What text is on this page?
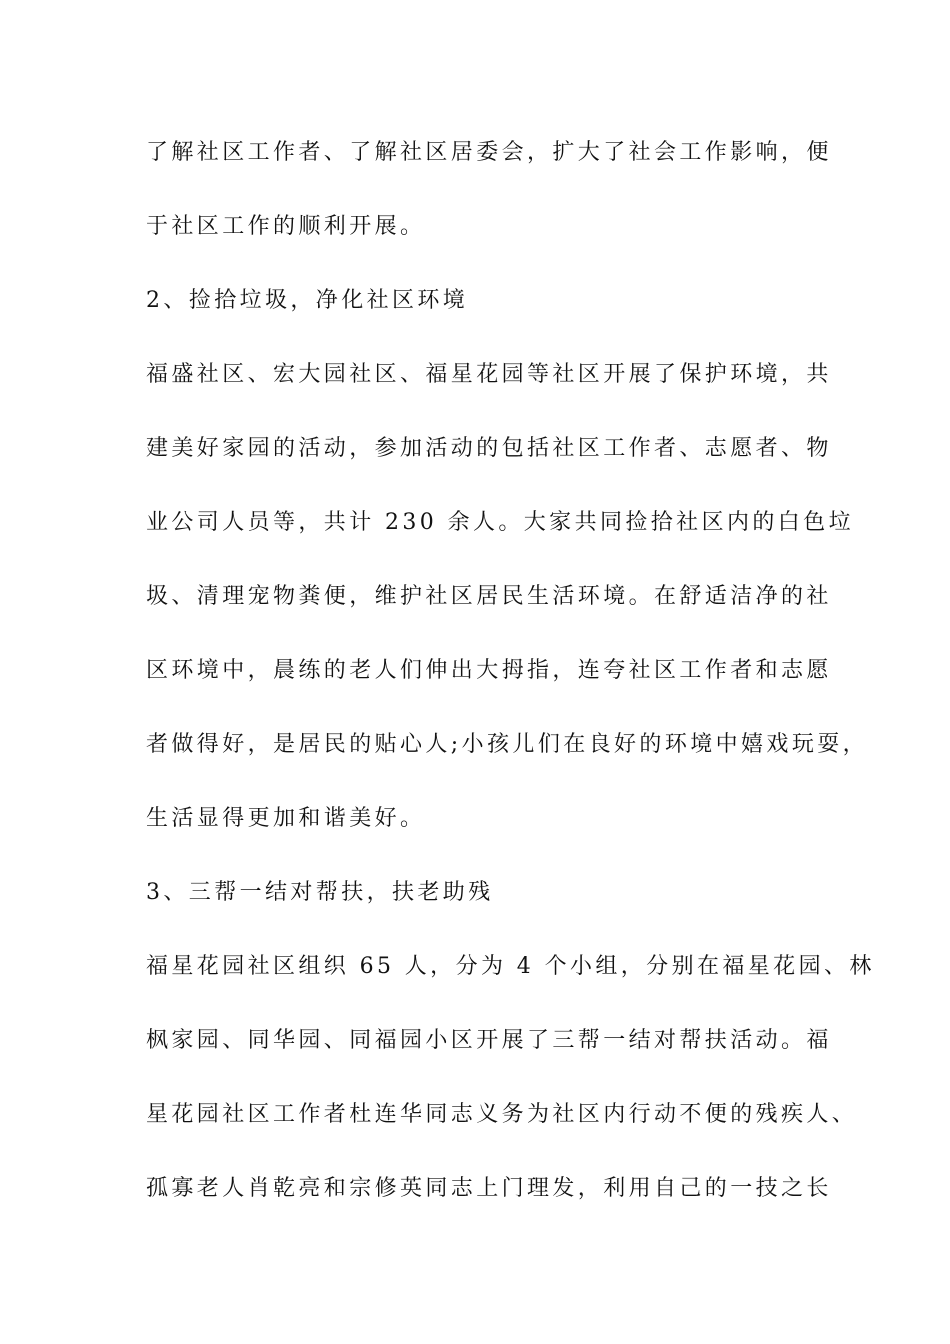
了解社区工作者、了解社区居委会，扩大了社会工作影响，便
于社区工作的顺利开展。
2、捡拾垃圾，净化社区环境
福盛社区、宏大园社区、福星花园等社区开展了保护环境，共
建美好家园的活动，参加活动的包括社区工作者、志愿者、物
业公司人员等，共计 230 余人。大家共同捡拾社区内的白色垃
圾、清理宠物粪便，维护社区居民生活环境。在舒适洁净的社
区环境中，晨练的老人们伸出大拇指，连夸社区工作者和志愿
者做得好，是居民的贴心人;小孩儿们在良好的环境中嬉戏玩耍，
生活显得更加和谐美好。
3、三帮一结对帮扶，扶老助残
福星花园社区组织 65 人，分为 4 个小组，分别在福星花园、林
枫家园、同华园、同福园小区开展了三帮一结对帮扶活动。福
星花园社区工作者杜连华同志义务为社区内行动不便的残疾人、
孤寡老人肖乾亮和宗修英同志上门理发，利用自己的一技之长
